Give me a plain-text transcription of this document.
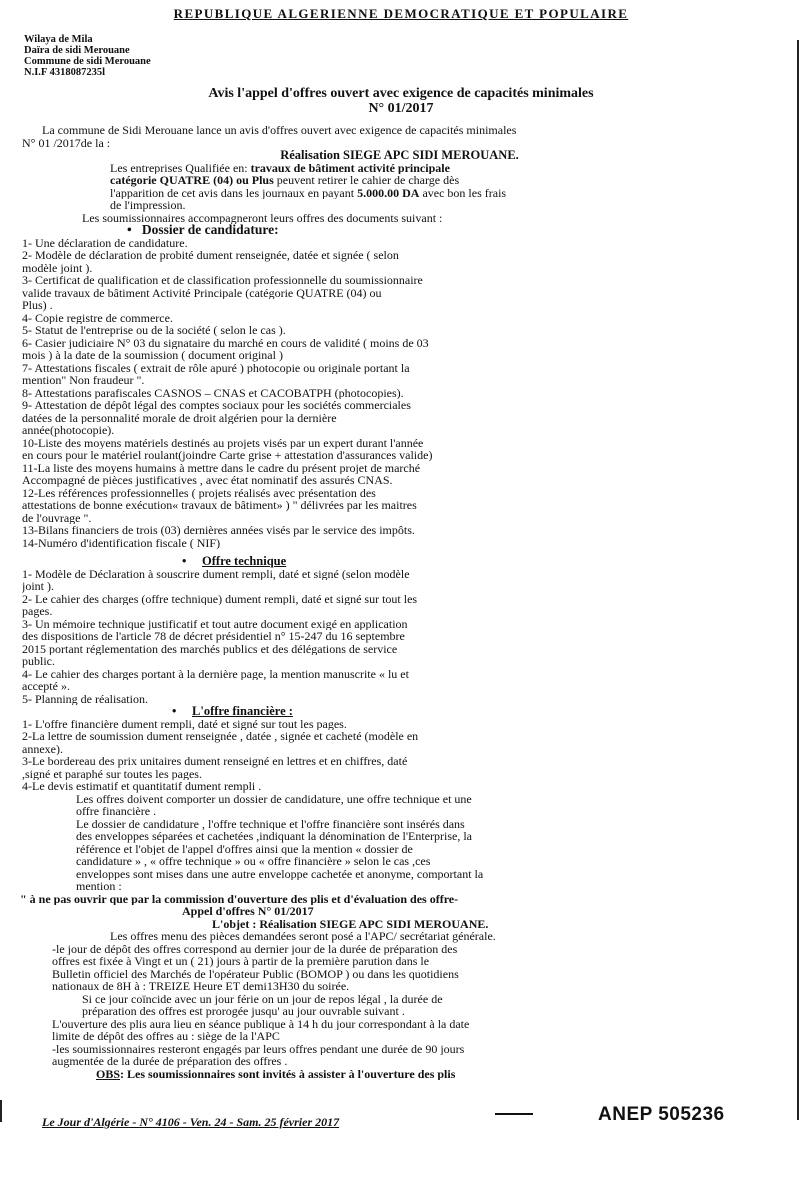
REPUBLIQUE ALGERIENNE DEMOCRATIQUE ET POPULAIRE
Wilaya de Mila
Daïra de sidi Merouane
Commune de sidi Merouane
N.I.F 4318087235l
Avis l'appel d'offres ouvert avec exigence de capacités minimales
N° 01/2017
La commune de Sidi Merouane lance un avis d'offres ouvert avec exigence de capacités minimales
N° 01 /2017de la :
Réalisation SIEGE APC SIDI MEROUANE.
Les entreprises Qualifiée en: travaux de bâtiment activité principale
catégorie QUATRE (04) ou Plus peuvent retirer le cahier de charge dès
l'apparition de cet avis dans les journaux en payant 5.000.00 DA avec bon les frais
de l'impression.
Les soumissionnaires accompagneront leurs offres des documents suivant :
•   Dossier de candidature:
1- Une déclaration de candidature.
2- Modèle de déclaration de probité dument renseignée, datée et signée ( selon
modèle joint ).
3- Certificat de qualification et de classification professionnelle du soumissionnaire
valide travaux de bâtiment Activité Principale (catégorie QUATRE (04) ou
Plus) .
4- Copie registre de commerce.
5- Statut de l'entreprise ou de la société ( selon le cas ).
6- Casier judiciaire N° 03 du signataire du marché en cours de validité ( moins de 03
mois ) à la date de la soumission ( document original )
7- Attestations fiscales ( extrait de rôle apuré ) photocopie ou originale portant la
mention" Non fraudeur ".
8- Attestations parafiscales CASNOS – CNAS et CACOBATPH (photocopies).
9- Attestation de dépôt légal des comptes sociaux pour les sociétés commerciales
datées de la personnalité morale de droit algérien pour la dernière
année(photocopie).
10-Liste des moyens matériels destinés au projets visés par un expert durant l'année
en cours pour le matériel roulant(joindre Carte grise + attestation d'assurances valide)
11-La liste des moyens humains à mettre dans le cadre du présent projet de marché
Accompagné de pièces justificatives , avec état nominatif des assurés CNAS.
12-Les références professionnelles ( projets réalisés avec présentation des
attestations de bonne exécution« travaux de bâtiment» ) " délivrées par les maitres
de l'ouvrage ".
13-Bilans financiers de trois (03) dernières années visés par le service des impôts.
14-Numéro d'identification fiscale ( NIF)
•     Offre technique
1- Modèle de Déclaration à souscrire dument rempli, daté et signé (selon modèle
joint ).
2- Le cahier des charges (offre technique) dument rempli, daté et signé sur tout les
pages.
3- Un mémoire technique justificatif et tout autre document exigé en application
des dispositions de l'article 78 de décret présidentiel n° 15-247 du 16 septembre
2015 portant réglementation des marchés publics et des délégations de service
public.
4- Le cahier des charges portant à la dernière page, la mention manuscrite « lu et
accepté ».
5- Planning de réalisation.
•     L'offre financière :
1- L'offre financière dument rempli, daté et signé sur tout les pages.
2-La lettre de soumission dument renseignée , datée , signée et cacheté (modèle en
annexe).
3-Le bordereau des prix unitaires dument renseigné en lettres et en chiffres, daté
,signé et paraphé sur toutes les pages.
4-Le devis estimatif et quantitatif dument rempli .
Les offres doivent comporter un dossier de candidature, une offre technique et une
offre financière .
Le dossier de candidature , l'offre technique et l'offre financière sont insérés dans
des enveloppes séparées et cachetées ,indiquant la dénomination de l'Enterprise, la
référence et l'objet de l'appel d'offres ainsi que la mention « dossier de
candidature » , « offre technique » ou « offre financière » selon le cas ,ces
enveloppes sont mises dans une autre enveloppe cachetée et anonyme, comportant la
mention :
" à ne pas ouvrir que par la commission d'ouverture des plis et d'évaluation des offre-
Appel d'offres N° 01/2017
L'objet : Réalisation SIEGE APC SIDI MEROUANE.
Les offres menu des pièces demandées seront posé a l'APC/ secrétariat générale.
-le jour de dépôt des offres correspond au dernier jour de la durée de préparation des
offres est fixée à Vingt et un ( 21) jours à partir de la première parution dans le
Bulletin officiel des Marchés de l'opérateur Public (BOMOP ) ou dans les quotidiens
nationaux de 8H à : TREIZE Heure ET demi13H30 du soirée.
Si ce jour coïncide avec un jour férie on un jour de repos légal , la durée de
préparation des offres est prorogée jusqu' au jour ouvrable suivant .
L'ouverture des plis aura lieu en séance publique à 14 h du jour correspondant à la date
limite de dépôt des offres au : siège de la l'APC
-les soumissionnaires resteront engagés par leurs offres pendant une durée de 90 jours
augmentée de la durée de préparation des offres .
OBS: Les soumissionnaires sont invités à assister à l'ouverture des plis
Le Jour d'Algérie - N° 4106 - Ven. 24 - Sam. 25 février 2017	ANEP 505236
